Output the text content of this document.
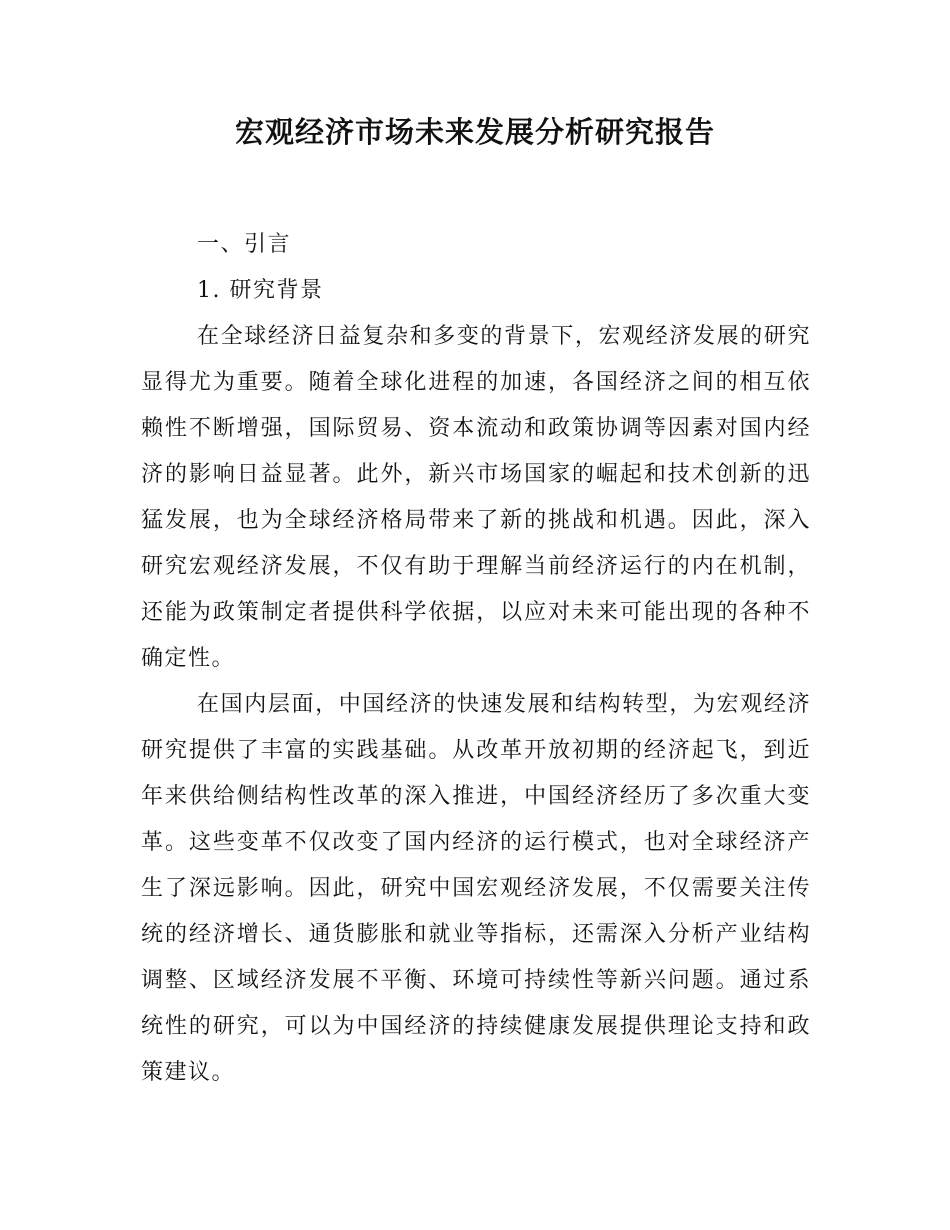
宏观经济市场未来发展分析研究报告
一、引言
1. 研究背景

在全球经济日益复杂和多变的背景下，宏观经济发展的研究显得尤为重要。随着全球化进程的加速，各国经济之间的相互依赖性不断增强，国际贸易、资本流动和政策协调等因素对国内经济的影响日益显著。此外，新兴市场国家的崛起和技术创新的迅猛发展，也为全球经济格局带来了新的挑战和机遇。因此，深入研究宏观经济发展，不仅有助于理解当前经济运行的内在机制，还能为政策制定者提供科学依据，以应对未来可能出现的各种不确定性。

在国内层面，中国经济的快速发展和结构转型，为宏观经济研究提供了丰富的实践基础。从改革开放初期的经济起飞，到近年来供给侧结构性改革的深入推进，中国经济经历了多次重大变革。这些变革不仅改变了国内经济的运行模式，也对全球经济产生了深远影响。因此，研究中国宏观经济发展，不仅需要关注传统的经济增长、通货膨胀和就业等指标，还需深入分析产业结构调整、区域经济发展不平衡、环境可持续性等新兴问题。通过系统性的研究，可以为中国经济的持续健康发展提供理论支持和政策建议。
